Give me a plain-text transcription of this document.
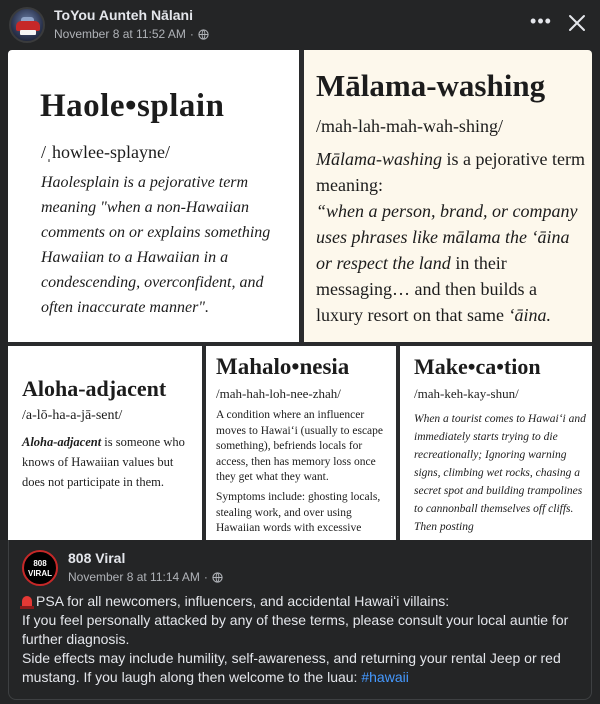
ToYou Aunteh Nālani
November 8 at 11:52 AM ·
•••
Haole•splain
/ˌhowlee-splayne/
Haolesplain is a pejorative term meaning "when a non-Hawaiian comments on or explains something Hawaiian to a Hawaiian in a condescending, overconfident, and often inaccurate manner".
Mālama-washing
/mah-lah-mah-wah-shing/
Mālama-washing is a pejorative term meaning:
“when a person, brand, or company uses phrases like mālama the ʻāina or respect the land in their messaging… and then builds a luxury resort on that same ʻāina.
Aloha-adjacent
/a-lō-ha-a-jā-sent/
Aloha-adjacent is someone who knows of Hawaiian values but does not participate in them.
Mahalo•nesia
/mah-hah-loh-nee-zhah/
A condition where an influencer moves to Hawaiʻi (usually to escape something), befriends locals for access, then has memory loss once they get what they want.
Symptoms include: ghosting locals, stealing work, and over using Hawaiian words with excessive
Make•ca•tion
/mah-keh-kay-shun/
When a tourist comes to Hawaiʻi and immediately starts trying to die recreationally; Ignoring warning signs, climbing wet rocks, chasing a secret spot and building trampolines to cannonball themselves off cliffs. Then posting
808 VIRAL
808 Viral
November 8 at 11:14 AM ·

PSA for all newcomers, influencers, and accidental Hawaiʻi villains:

If you feel personally attacked by any of these terms, please consult your local auntie for further diagnosis.

Side effects may include humility, self-awareness, and returning your rental Jeep or red mustang. If you laugh along then welcome to the luau: #hawaii
